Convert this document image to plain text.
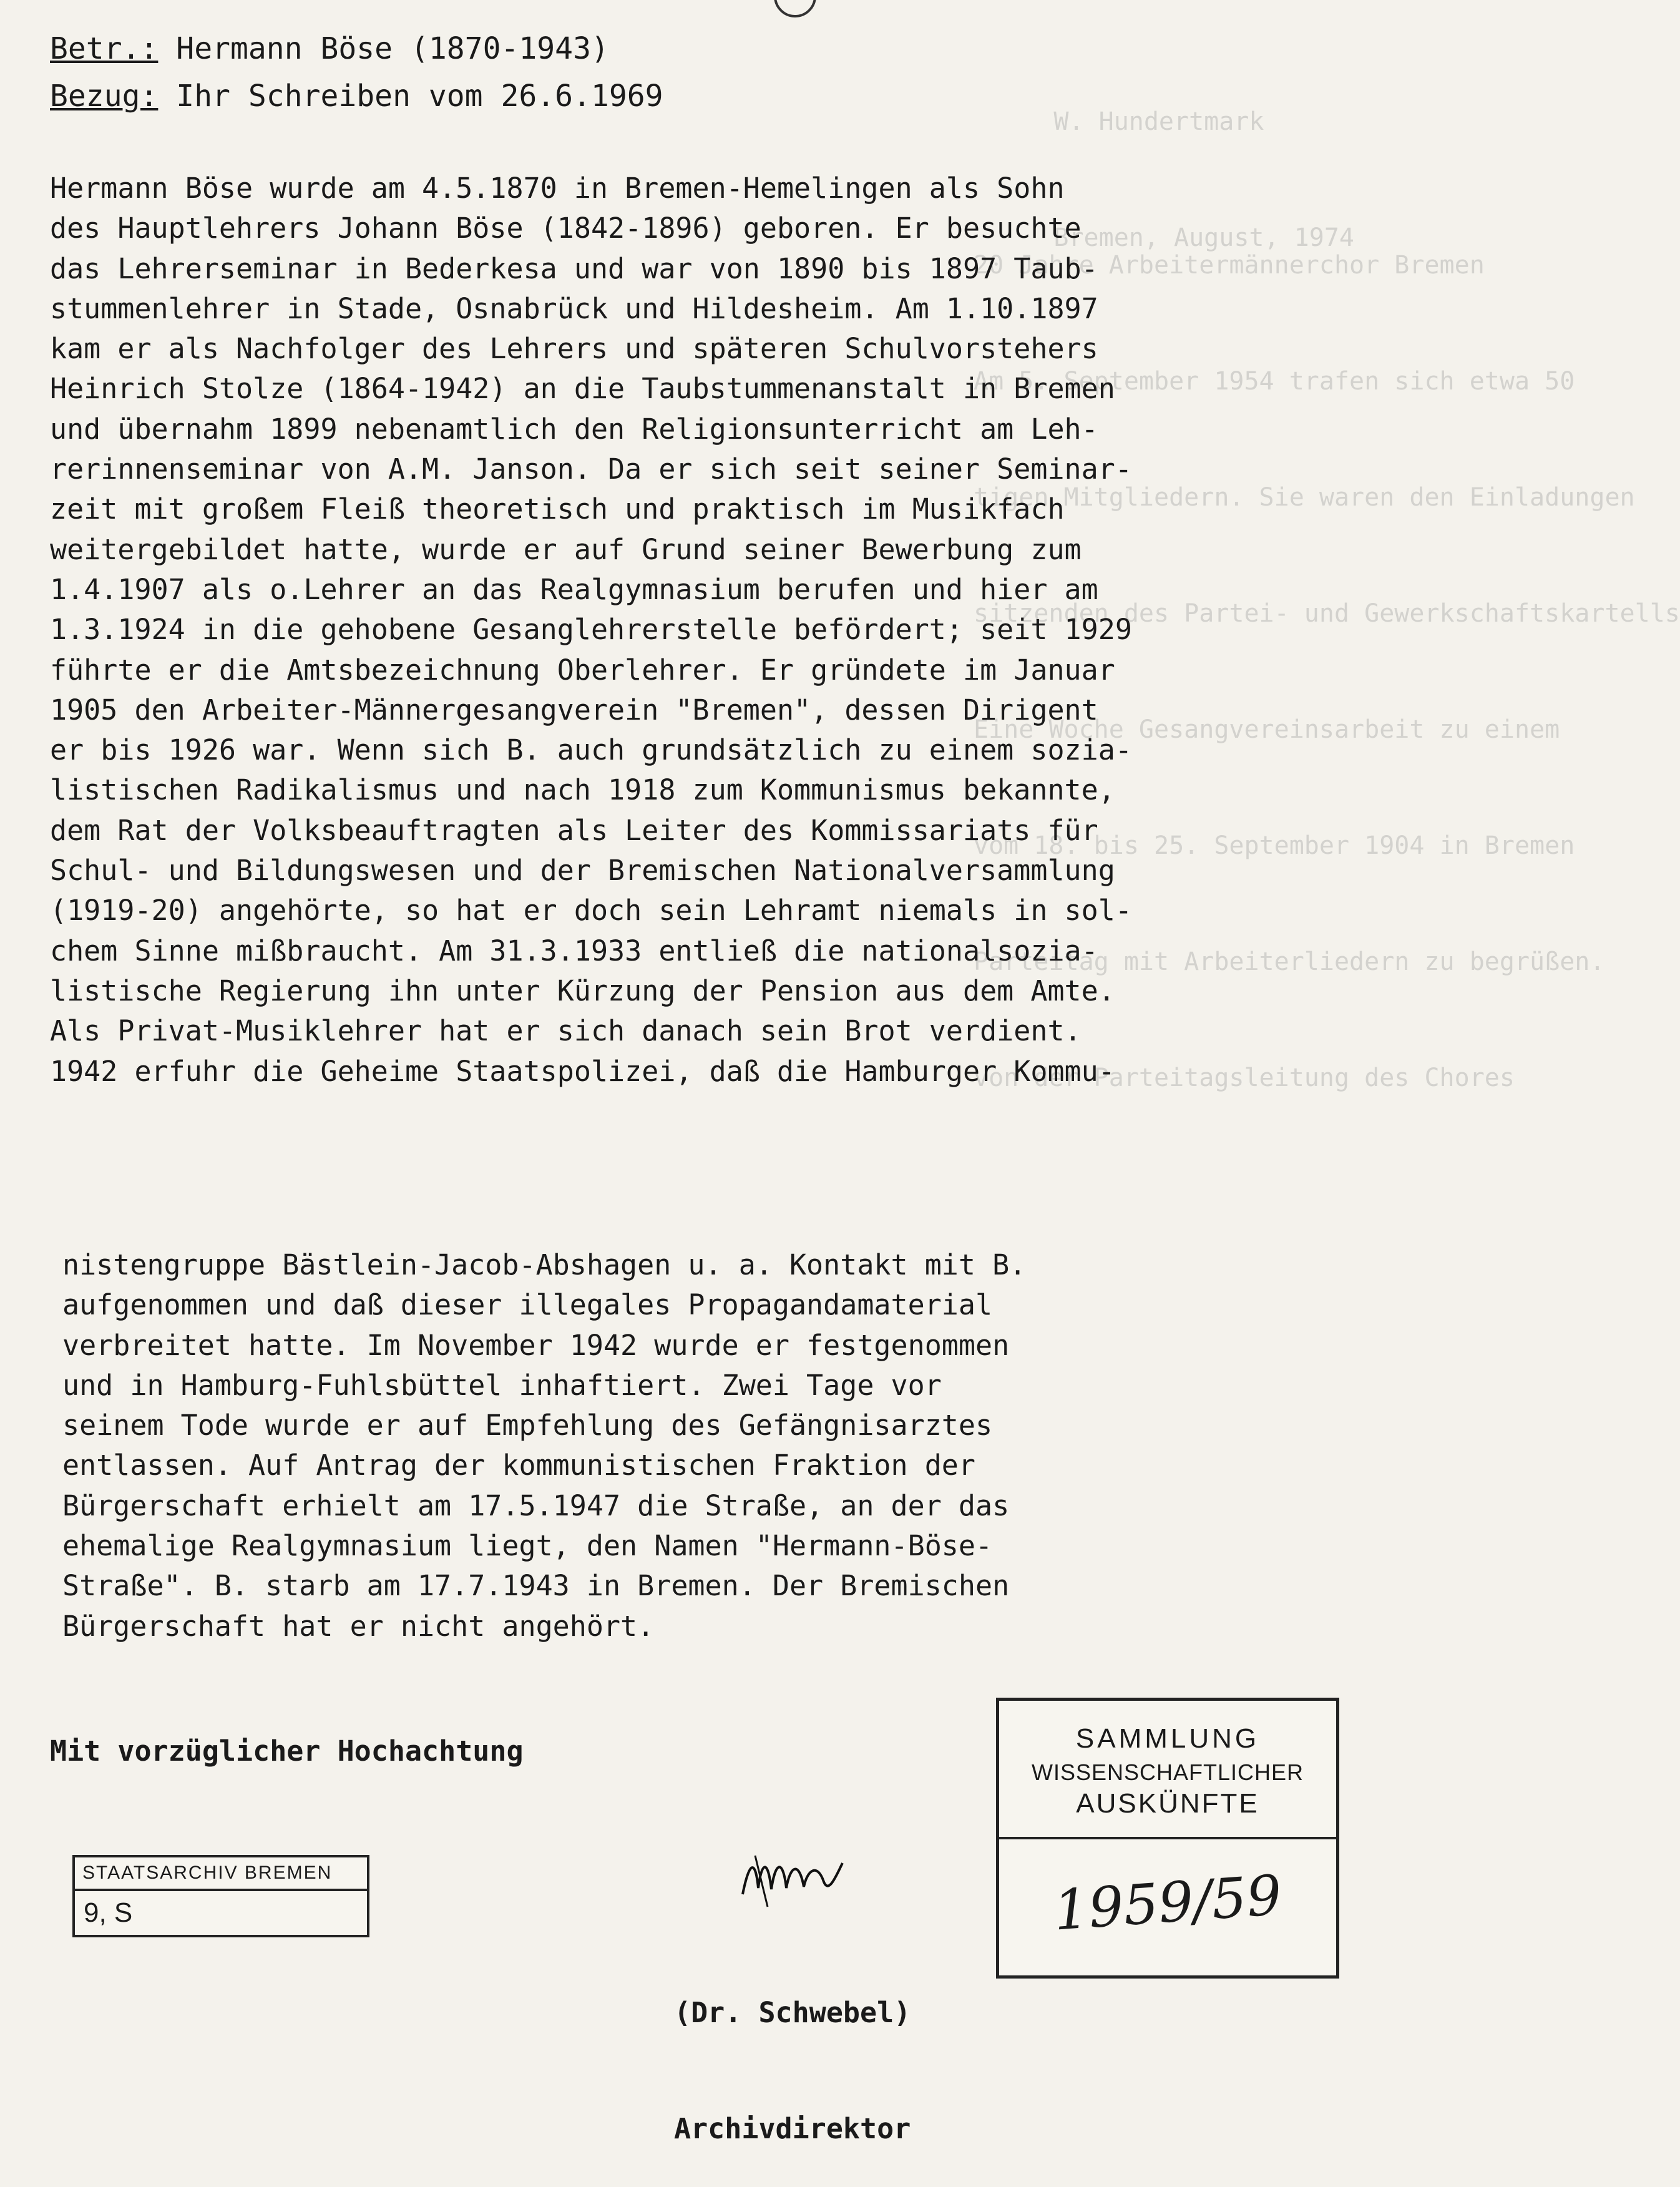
W. Hundertmark

Bremen, August, 1974

20 Jahre Arbeitermännerchor Bremen

Am 5. September 1954 trafen sich etwa 50

tigen Mitgliedern. Sie waren den Einladungen

sitzenden des Partei- und Gewerkschaftskartells

Eine Woche Gesangvereinsarbeit zu einem

vom 18. bis 25. September 1904 in Bremen

Parteitag mit Arbeiterliedern zu begrüßen.

von der Parteitagsleitung des Chores

Betr.: Hermann Böse (1870-1943)
Bezug: Ihr Schreiben vom 26.6.1969
Hermann Böse wurde am 4.5.1870 in Bremen-Hemelingen als Sohn
des Hauptlehrers Johann Böse (1842-1896) geboren. Er besuchte
das Lehrerseminar in Bederkesa und war von 1890 bis 1897 Taub-
stummenlehrer in Stade, Osnabrück und Hildesheim. Am 1.10.1897
kam er als Nachfolger des Lehrers und späteren Schulvorstehers
Heinrich Stolze (1864-1942) an die Taubstummenanstalt in Bremen
und übernahm 1899 nebenamtlich den Religionsunterricht am Leh-
rerinnenseminar von A.M. Janson. Da er sich seit seiner Seminar-
zeit mit großem Fleiß theoretisch und praktisch im Musikfach
weitergebildet hatte, wurde er auf Grund seiner Bewerbung zum
1.4.1907 als o.Lehrer an das Realgymnasium berufen und hier am
1.3.1924 in die gehobene Gesanglehrerstelle befördert; seit 1929
führte er die Amtsbezeichnung Oberlehrer. Er gründete im Januar
1905 den Arbeiter-Männergesangverein "Bremen", dessen Dirigent
er bis 1926 war. Wenn sich B. auch grundsätzlich zu einem sozia-
listischen Radikalismus und nach 1918 zum Kommunismus bekannte,
dem Rat der Volksbeauftragten als Leiter des Kommissariats für
Schul- und Bildungswesen und der Bremischen Nationalversammlung
(1919-20) angehörte, so hat er doch sein Lehramt niemals in sol-
chem Sinne mißbraucht. Am 31.3.1933 entließ die nationalsozia-
listische Regierung ihn unter Kürzung der Pension aus dem Amte.
Als Privat-Musiklehrer hat er sich danach sein Brot verdient.
1942 erfuhr die Geheime Staatspolizei, daß die Hamburger Kommu-
nistengruppe Bästlein-Jacob-Abshagen u. a. Kontakt mit B.
aufgenommen und daß dieser illegales Propagandamaterial
verbreitet hatte. Im November 1942 wurde er festgenommen
und in Hamburg-Fuhlsbüttel inhaftiert. Zwei Tage vor
seinem Tode wurde er auf Empfehlung des Gefängnisarztes
entlassen. Auf Antrag der kommunistischen Fraktion der
Bürgerschaft erhielt am 17.5.1947 die Straße, an der das
ehemalige Realgymnasium liegt, den Namen "Hermann-Böse-
Straße". B. starb am 17.7.1943 in Bremen. Der Bremischen
Bürgerschaft hat er nicht angehört.
Mit vorzüglicher Hochachtung
STAATSARCHIV BREMEN
9, S
SAMMLUNG
WISSENSCHAFTLICHER
AUSKÜNFTE
1959/59

(Dr. Schwebel)

Archivdirektor
